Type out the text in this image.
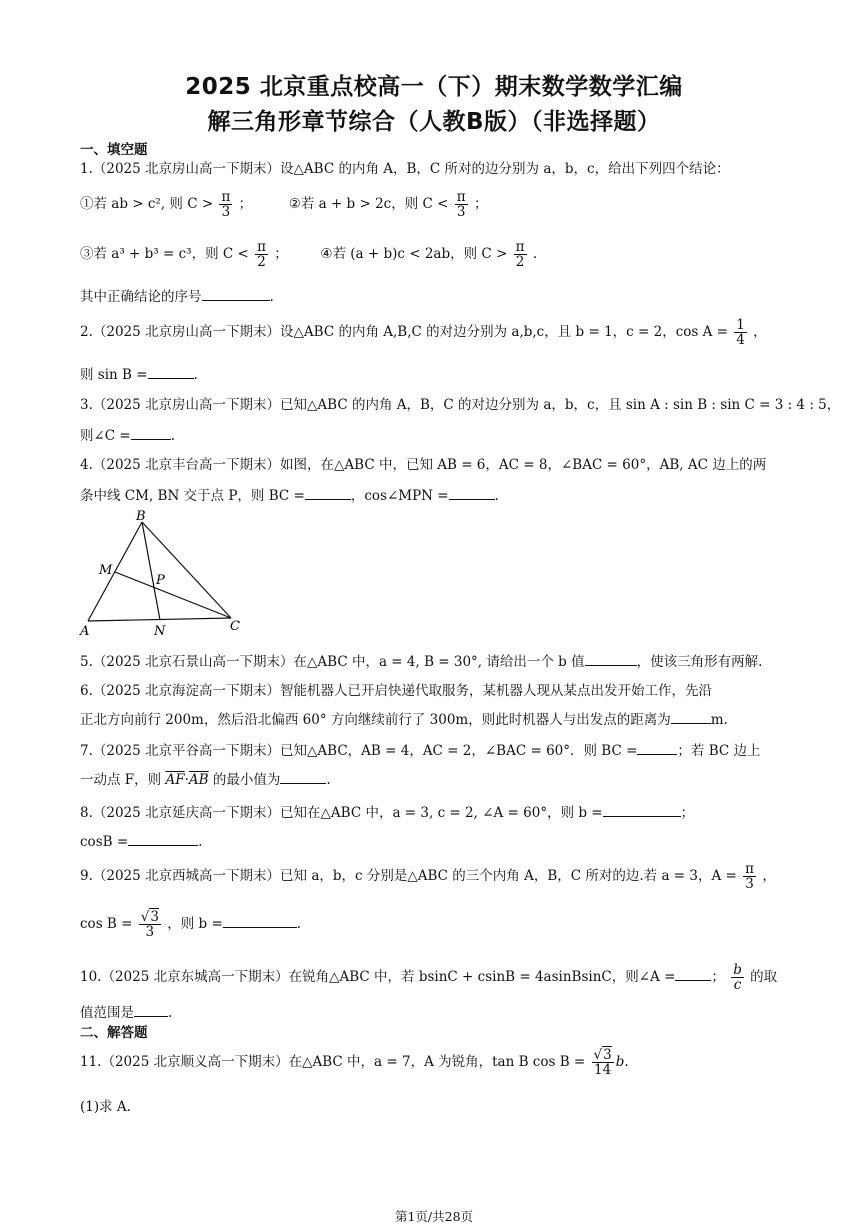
2025 北京重点校高一（下）期末数学数学汇编
解三角形章节综合（人教B版）（非选择题）
一、填空题
1.（2025 北京房山高一下期末）设△ABC 的内角 A，B，C 所对的边分别为 a，b，c，给出下列四个结论：
①若 ab > c², 则 $C > \frac{\pi}{3}$ ；	②若 a + b > 2c，则 $C < \frac{\pi}{3}$ ；
③若 a³ + b³ = c³，则 $C < \frac{\pi}{2}$ ； ④若 (a + b)c < 2ab，则 $C > \frac{\pi}{2}$ .
其中正确结论的序号	.
2.（2025 北京房山高一下期末）设△ABC 的内角 A,B,C 的对边分别为 a,b,c，且 b = 1，c = 2，$\cos A = \frac{1}{4}$ ，
则 sin B =	.
3.（2025 北京房山高一下期末）已知△ABC 的内角 A，B，C 的对边分别为 a，b，c，且 sin A : sin B : sin C = 3 : 4 : 5，
则∠C =	.
4.（2025 北京丰台高一下期末）如图，在△ABC 中，已知 AB = 6，AC = 8，∠BAC = 60°，AB, AC 边上的两
条中线 CM, BN 交于点 P，则 BC =	，cos∠MPN =	.
B
M
P
A	N	C
5.（2025 北京石景山高一下期末）在△ABC 中，a = 4, B = 30°, 请给出一个 b 值	，使该三角形有两解.
6.（2025 北京海淀高一下期末）智能机器人已开启快递代取服务，某机器人现从某点出发开始工作，先沿
正北方向前行 200m，然后沿北偏西 60° 方向继续前行了 300m，则此时机器人与出发点的距离为	m.
7.（2025 北京平谷高一下期末）已知△ABC，AB = 4，AC = 2，∠BAC = 60°．则 BC =	；若 BC 边上
一动点 F，则 $\overline{AF}\cdot\overline{AB}$ 的最小值为	.
8.（2025 北京延庆高一下期末）已知在△ABC 中，a = 3, c = 2, ∠A = 60°，则 b =	；
cosB =	.
9.（2025 北京西城高一下期末）已知 a，b，c 分别是△ABC 的三个内角 A，B，C 所对的边.若 a = 3，$A = \frac{\pi}{3}$ ，
$\cos B = \frac{√3}{3}$ ，则 b =	.
10.（2025 北京东城高一下期末）在锐角△ABC 中，若 bsinC + csinB = 4asinBsinC，则∠A =	； $\frac{b}{c}$ 的取
值范围是	.
二、解答题
11.（2025 北京顺义高一下期末）在△ABC 中，a = 7，A 为锐角，tan B $\cos B = \frac{√3}{14} b$.
(1)求 A.
第1页/共28页
